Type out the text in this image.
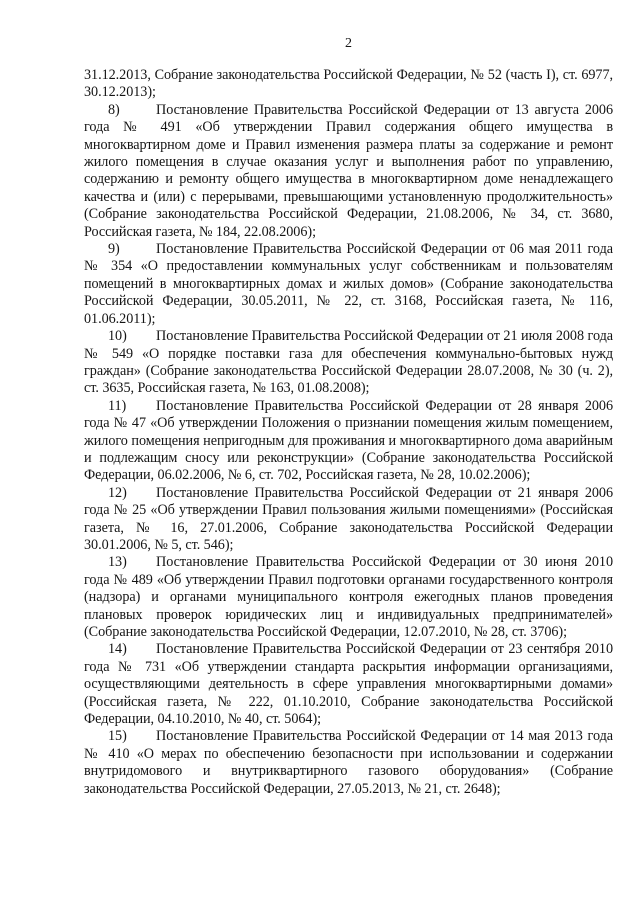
2

31.12.2013, Собрание законодательства Российской Федерации, № 52 (часть I), ст. 6977, 30.12.2013);

8)	Постановление Правительства Российской Федерации от 13 августа 2006 года № 491 «Об утверждении Правил содержания общего имущества в многоквартирном доме и Правил изменения размера платы за содержание и ремонт жилого помещения в случае оказания услуг и выполнения работ по управлению, содержанию и ремонту общего имущества в многоквартирном доме ненадлежащего качества и (или) с перерывами, превышающими установленную продолжительность» (Собрание законодательства Российской Федерации, 21.08.2006, № 34, ст. 3680, Российская газета, № 184, 22.08.2006);

9)	Постановление Правительства Российской Федерации от 06 мая 2011 года № 354 «О предоставлении коммунальных услуг собственникам и пользователям помещений в многоквартирных домах и жилых домов» (Собрание законодательства Российской Федерации, 30.05.2011, № 22, ст. 3168, Российская газета, № 116, 01.06.2011);

10) Постановление Правительства Российской Федерации от 21 июля 2008 года № 549 «О порядке поставки газа для обеспечения коммунально-бытовых нужд граждан» (Собрание законодательства Российской Федерации 28.07.2008, № 30 (ч. 2), ст. 3635, Российская газета, № 163, 01.08.2008);

11) Постановление Правительства Российской Федерации от 28 января 2006 года № 47 «Об утверждении Положения о признании помещения жилым помещением, жилого помещения непригодным для проживания и многоквартирного дома аварийным и подлежащим сносу или реконструкции» (Собрание законодательства Российской Федерации, 06.02.2006, № 6, ст. 702, Российская газета, № 28, 10.02.2006);

12) Постановление Правительства Российской Федерации от 21 января 2006 года № 25 «Об утверждении Правил пользования жилыми помещениями» (Российская газета, № 16, 27.01.2006, Собрание законодательства Российской Федерации 30.01.2006, № 5, ст. 546);

13) Постановление Правительства Российской Федерации от 30 июня 2010 года № 489 «Об утверждении Правил подготовки органами государственного контроля (надзора) и органами муниципального контроля ежегодных планов проведения плановых проверок юридических лиц и индивидуальных предпринимателей» (Собрание законодательства Российской Федерации, 12.07.2010, № 28, ст. 3706);

14) Постановление Правительства Российской Федерации от 23 сентября 2010 года № 731 «Об утверждении стандарта раскрытия информации организациями, осуществляющими деятельность в сфере управления многоквартирными домами» (Российская газета, № 222, 01.10.2010, Собрание законодательства Российской Федерации, 04.10.2010, № 40, ст. 5064);

15) Постановление Правительства Российской Федерации от 14 мая 2013 года № 410 «О мерах по обеспечению безопасности при использовании и содержании внутридомового и внутриквартирного газового оборудования» (Собрание законодательства Российской Федерации, 27.05.2013, № 21, ст. 2648);
